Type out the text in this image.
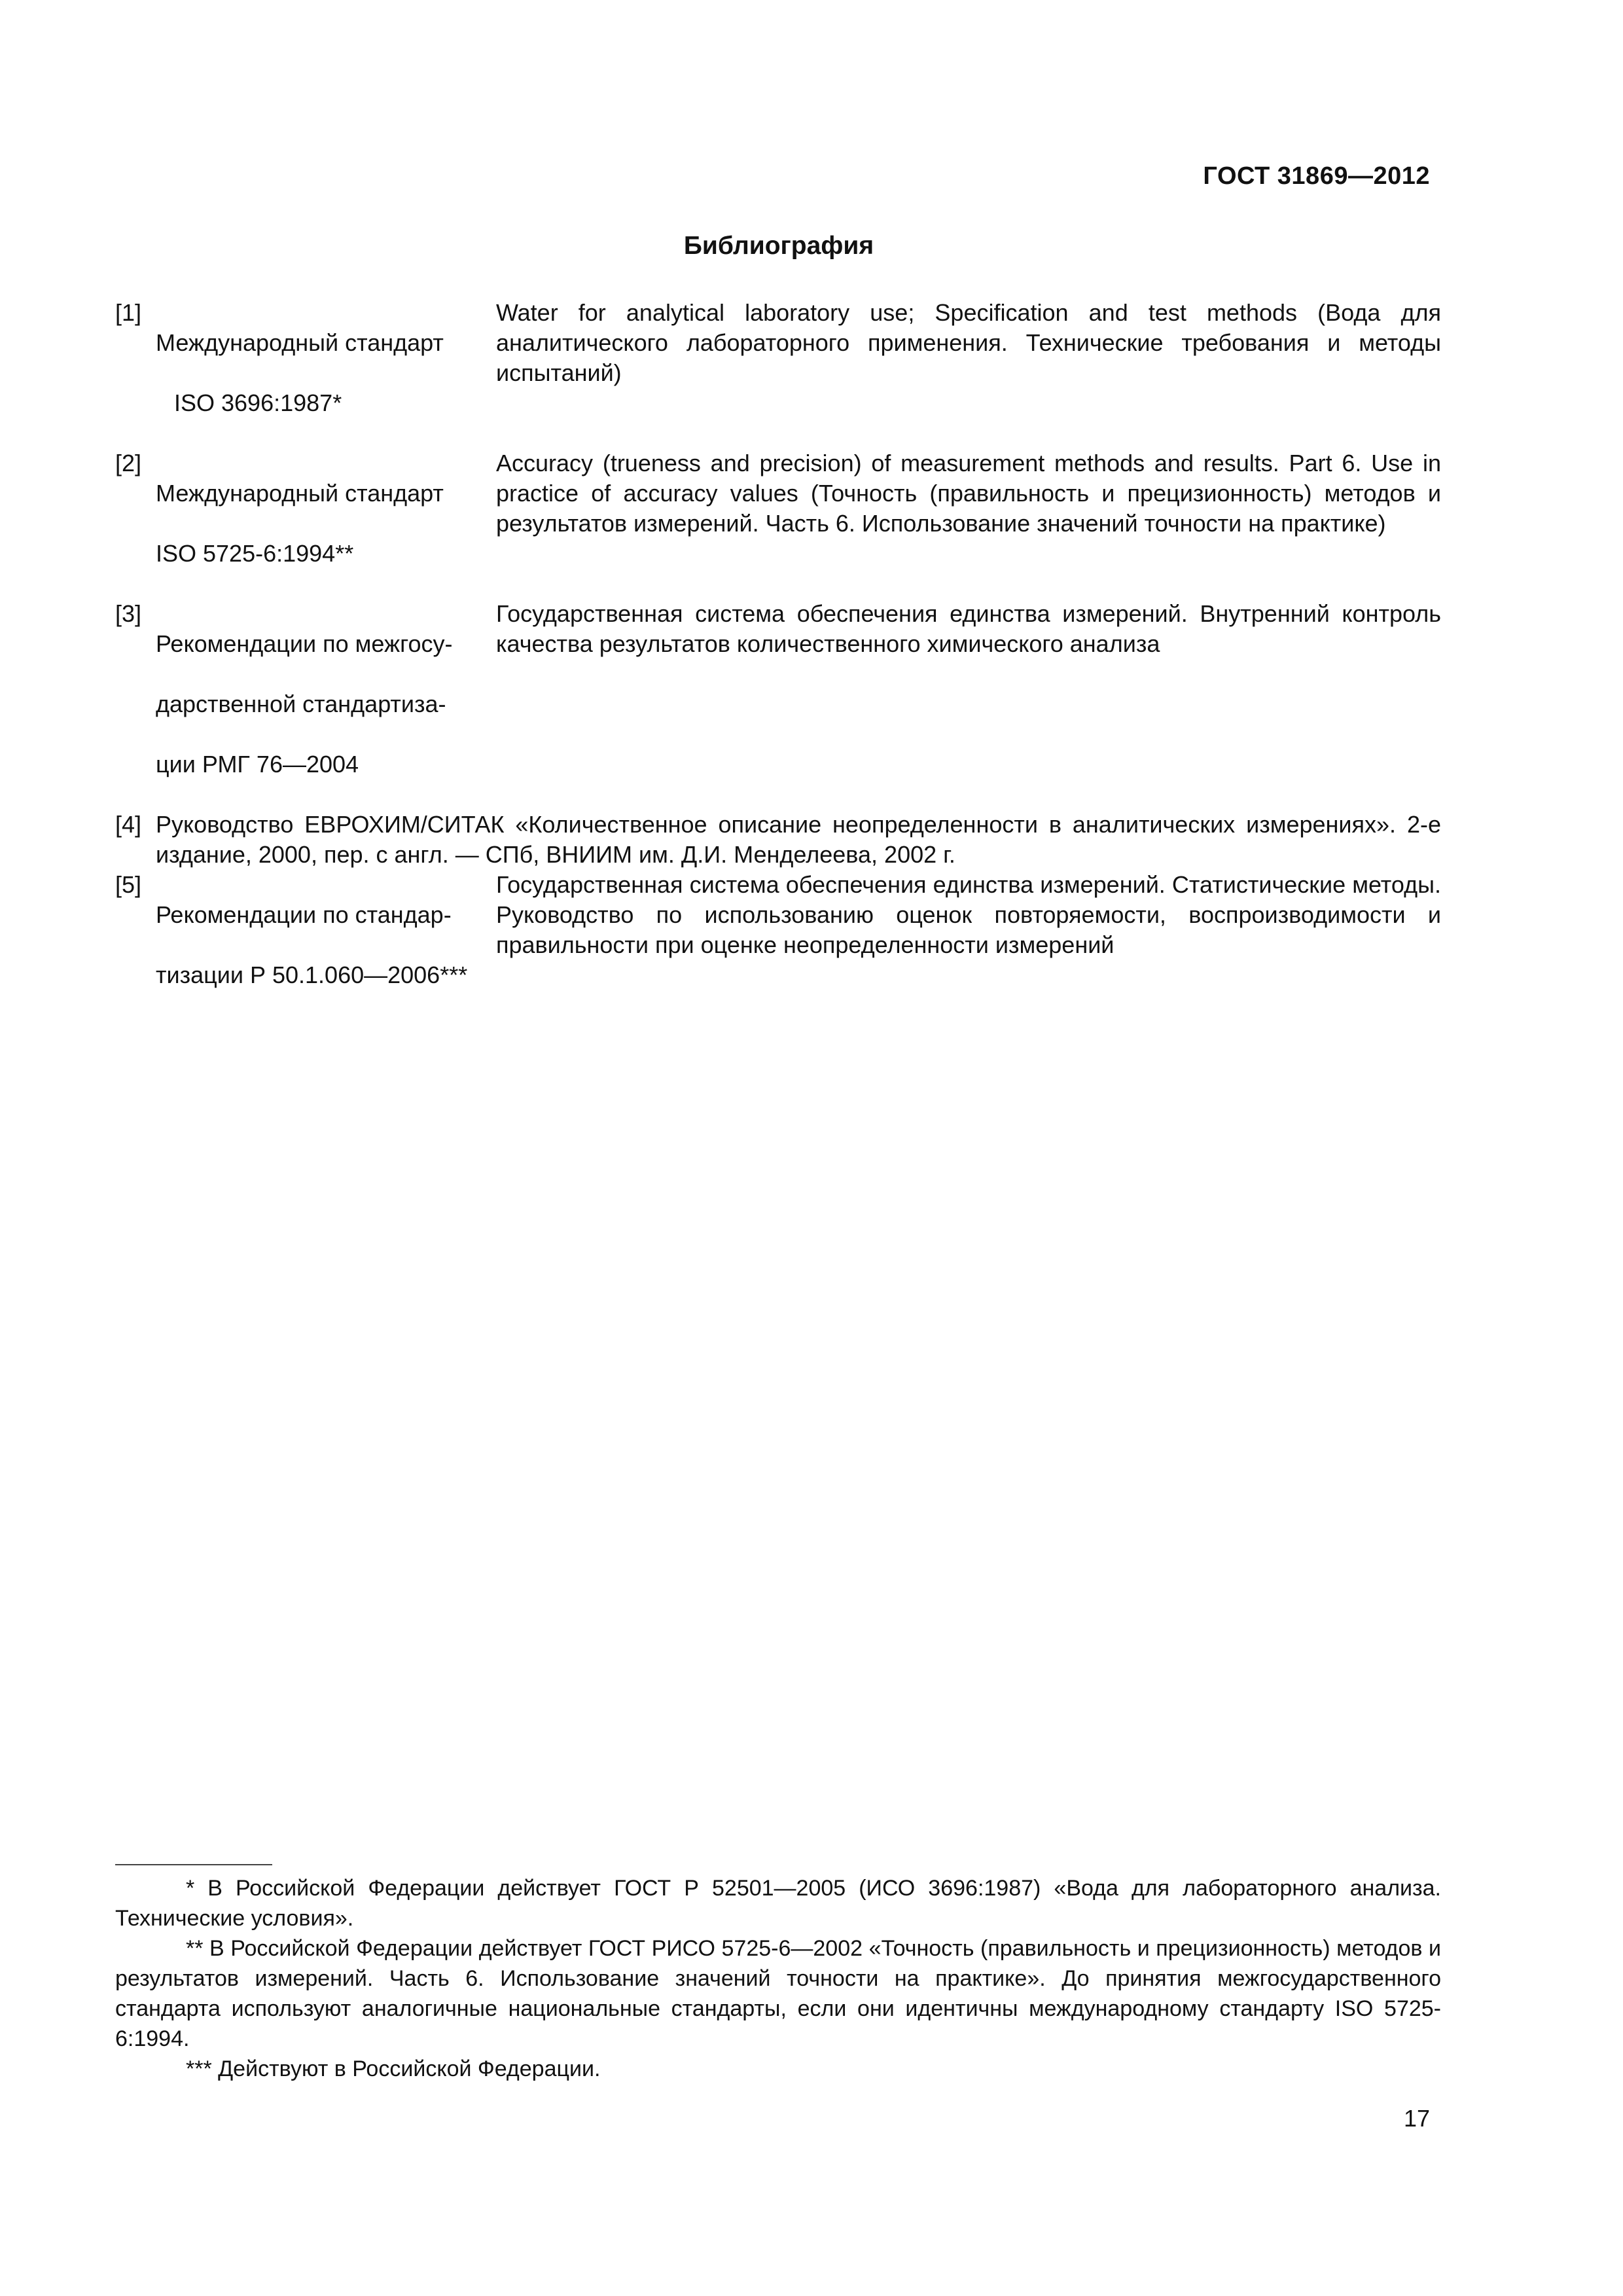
ГОСТ 31869—2012
Библиография
[1]

Международный стандарт

ISO 3696:1987*

Water for analytical laboratory use; Specification and test methods (Вода для аналитического лабораторного применения. Технические требования и методы испытаний)
[2]

Международный стандарт

ISO 5725-6:1994**

Accuracy (trueness and precision) of measurement methods and results. Part 6. Use in practice of accuracy values (Точность (правильность и прецизионность) методов и результатов измерений. Часть 6. Использование значений точности на практике)
[3]

Рекомендации по межгосу-

дарственной стандартиза-

ции РМГ 76—2004

Государственная система обеспечения единства измерений. Внутренний контроль качества результатов количественного химического анализа
[4] Руководство ЕВРОХИМ/СИТАК «Количественное описание неопределенности в аналитических измерениях». 2-е издание, 2000, пер. с англ. — СПб, ВНИИМ им. Д.И. Менделеева, 2002 г.
[5]

Рекомендации по стандар-

тизации Р 50.1.060—2006***

Государственная система обеспечения единства измерений. Статистические методы. Руководство по использованию оценок повторяемости, воспроизводимости и правильности при оценке неопределенности измерений

* В Российской Федерации действует ГОСТ Р 52501—2005 (ИСО 3696:1987) «Вода для лабораторного анализа. Технические условия».

** В Российской Федерации действует ГОСТ РИСО 5725-6—2002 «Точность (правильность и прецизионность) методов и результатов измерений. Часть 6. Использование значений точности на практике». До принятия межгосударственного стандарта используют аналогичные национальные стандарты, если они идентичны международному стандарту ISO 5725-6:1994.

*** Действуют в Российской Федерации.

17
